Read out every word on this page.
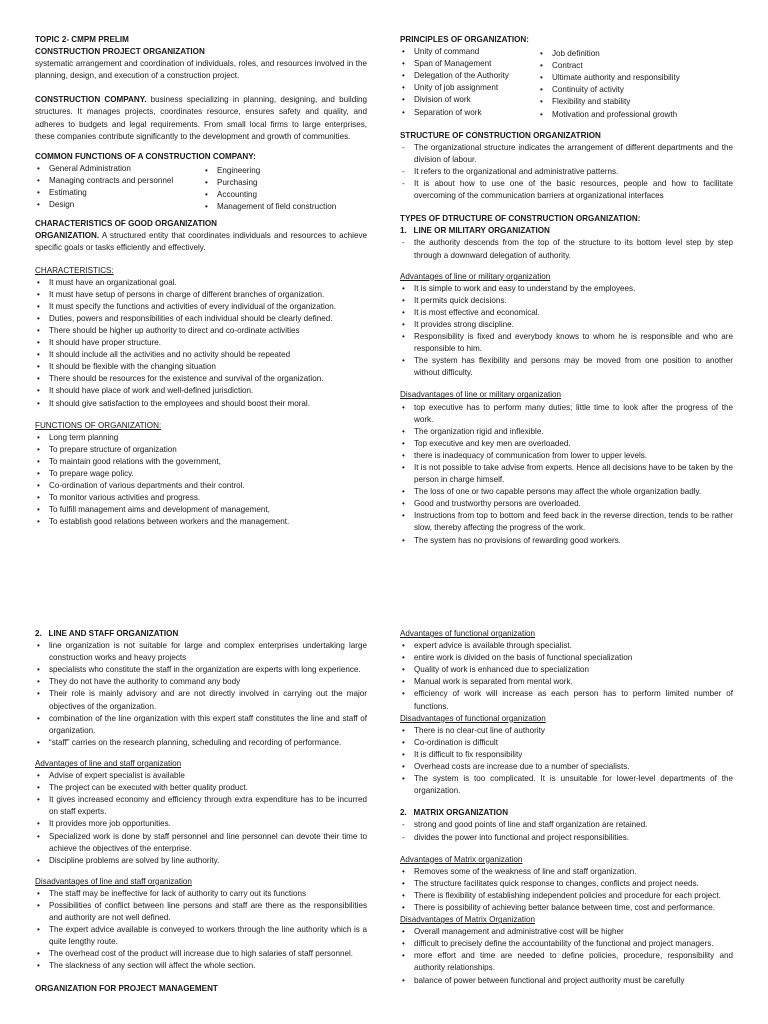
TOPIC 2- CMPM PRELIM

CONSTRUCTION PROJECT ORGANIZATION

systematic arrangement and coordination of individuals, roles, and resources involved in the planning, design, and execution of a construction project.

CONSTRUCTION COMPANY. business specializing in planning, designing, and building structures. It manages projects, coordinates resource, ensures safety and quality, and adheres to budgets and legal requirements. From small local firms to large enterprises, these companies contribute significantly to the development and growth of communities.

COMMON FUNCTIONS OF A CONSTRUCTION COMPANY:

• General Administration
• Managing contracts and personnel
• Estimating
• Design
• Engineering
• Purchasing
• Accounting
• Management of field construction

CHARACTERISTICS OF GOOD ORGANIZATION

ORGANIZATION. A structured entity that coordinates individuals and resources to achieve specific goals or tasks efficiently and effectively.

CHARACTERISTICS:

• It must have an organizational goal.
• It must have setup of persons in charge of different branches of organization.
• It must specify the functions and activities of every individual of the organization.
• Duties, powers and responsibilities of each individual should be clearly defined.
• There should be higher up authority to direct and co-ordinate activities
• It should have proper structure.
• It should include all the activities and no activity should be repeated
• It should be flexible with the changing situation
• There should be resources for the existence and survival of the organization.
• It should have place of work and well-defined jurisdiction.
• It should give satisfaction to the employees and should boost their moral.

FUNCTIONS OF ORGANIZATION:

• Long term planning
• To prepare structure of organization
• To maintain good relations with the government,
• To prepare wage policy.
• Co-ordination of various departments and their control.
• To monitor various activities and progress.
• To fulfill management aims and development of management,
• To establish good relations between workers and the management.

PRINCIPLES OF ORGANIZATION:

• Unity of command
• Span of Management
• Delegation of the Authority
• Unity of job assignment
• Division of work
• Separation of work
• Job definition
• Contract
• Ultimate authority and responsibility
• Continuity of activity
• Flexibility and stability
• Motivation and professional growth

STRUCTURE OF CONSTRUCTION ORGANIZATRION

- The organizational structure indicates the arrangement of different departments and the division of labour.
- It refers to the organizational and administrative patterns.
- It is about how to use one of the basic resources, people and how to facilitate overcoming of the communication barriers at organizational interfaces

TYPES OF DTRUCTURE OF CONSTRUCTION ORGANIZATION:

1.   LINE OR MILITARY ORGANIZATION

- the authority descends from the top of the structure to its bottom level step by step through a downward delegation of authority.

Advantages of line or military organization

• It is simple to work and easy to understand by the employees.
• It permits quick decisions.
• It is most effective and economical.
• It provides strong discipline.
• Responsibility is fixed and everybody knows to whom he is responsible and who are responsible to him.
• The system has flexibility and persons may be moved from one position to another without difficulty.

Disadvantages of line or military organization

• top executive has to perform many duties; little time to look after the progress of the work.
• The organization rigid and inflexible.
• Top executive and key men are overloaded.
• there is inadequacy of communication from lower to upper levels.
• It is not possible to take advise from experts. Hence all decisions have to be taken by the person in charge himself.
• The loss of one or two capable persons may affect the whole organization badly.
• Good and trustworthy persons are overloaded.
• Instructions from top to bottom and feed back in the reverse direction, tends to be rather slow, thereby affecting the progress of the work.
• The system has no provisions of rewarding good workers.

2.   LINE AND STAFF ORGANIZATION

• line organization is not suitable for large and complex enterprises undertaking large construction works and heavy projects
• specialists who constitute the staff in the organization are experts with long experience.
• They do not have the authority to command any body
• Their role is mainly advisory and are not directly involved in carrying out the major objectives of the organization.
• combination of the line organization with this expert staff constitutes the line and staff of organization.
• “staff” carries on the research planning, scheduling and recording of performance.

Advantages of line and staff organization

• Advise of expert specialist is available
• The project can be executed with better quality product.
• It gives increased economy and efficiency through extra expenditure has to be incurred on staff experts.
• It provides more job opportunities.
• Specialized work is done by staff personnel and line personnel can devote their time to achieve the objectives of the enterprise.
• Discipline problems are solved by line authority.

Disadvantages of line and staff organization

• The staff may be ineffective for lack of authority to carry out its functions
• Possibilities of conflict between line persons and staff are there as the responsibilities and authority are not well defined.
• The expert advice available is conveyed to workers through the line authority which is a quite lengthy route.
• The overhead cost of the product will increase due to high salaries of staff personnel.
• The slackness of any section will affect the whole section.

ORGANIZATION FOR PROJECT MANAGEMENT

Advantages of functional organization

• expert advice is available through specialist.
• entire work is divided on the basis of functional specialization
• Quality of work is enhanced due to specialization
• Manual work is separated from mental work.
• efficiency of work will increase as each person has to perform limited number of functions.

Disadvantages of functional organization

• There is no clear-cut line of authority
• Co-ordination is difficult
• It is difficult to fix responsibility
• Overhead costs are increase due to a number of specialists.
• The system is too complicated. It is unsuitable for lower-level departments of the organization.

2.   MATRIX ORGANIZATION

- strong and good points of line and staff organization are retained.
- divides the power into functional and project responsibilities.

Advantages of Matrix organization

• Removes some of the weakness of line and staff organization.
• The structure facilitates quick response to changes, conflicts and project needs.
• There is flexibility of establishing independent policies and procedure for each project.
• There is possibility of achieving better balance between time, cost and performance.

Disadvantages of Matrix Organization

• Overall management and administrative cost will be higher
• difficult to precisely define the accountability of the functional and project managers.
• more effort and time are needed to define policies, procedure, responsibility and authority relationships.
• balance of power between functional and project authority must be carefully
